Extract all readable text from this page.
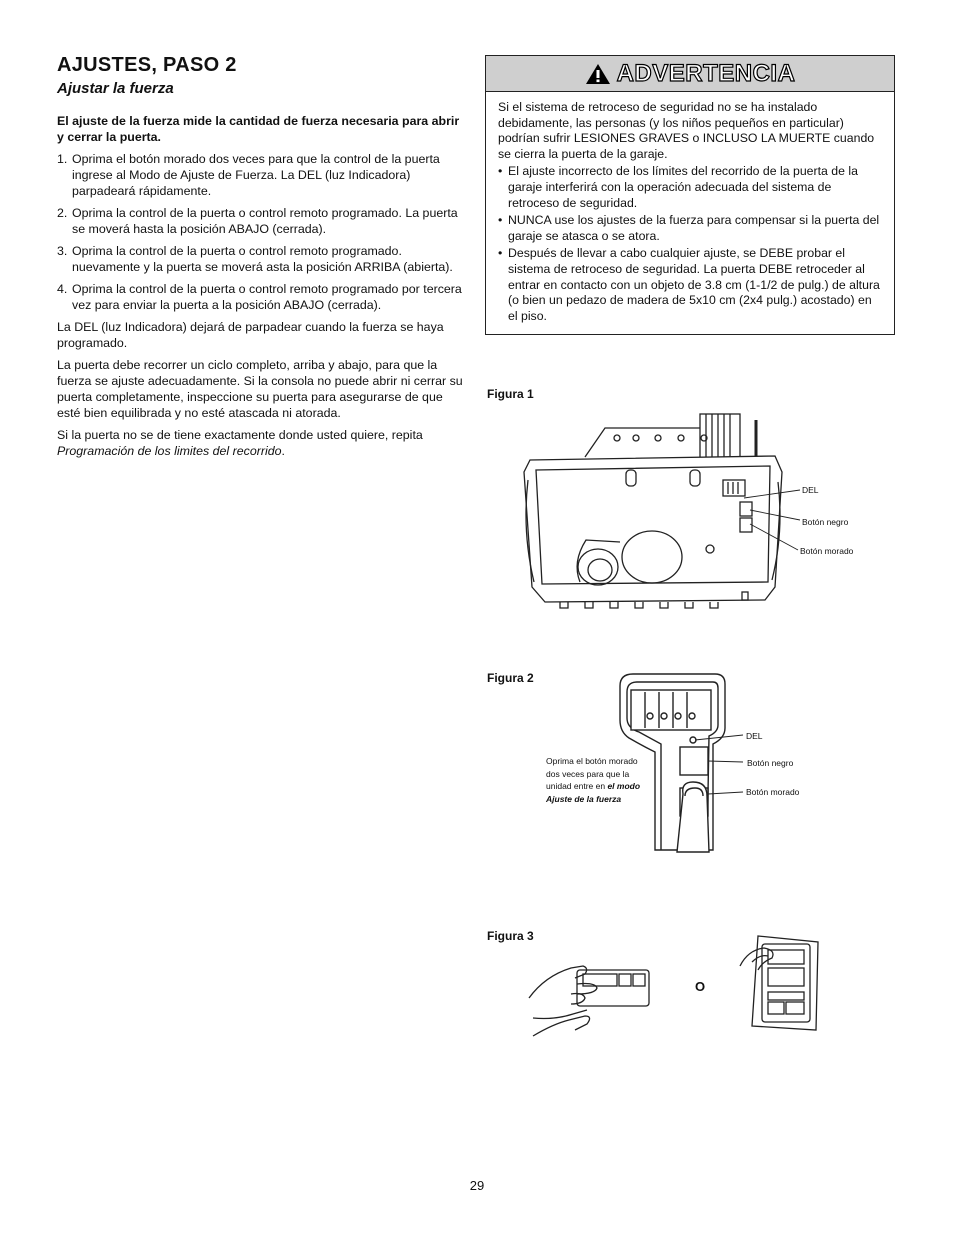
AJUSTES, PASO 2
Ajustar la fuerza

El ajuste de la fuerza mide la cantidad de fuerza necesaria para abrir y cerrar la puerta.

1. Oprima el botón morado dos veces para que la control de la puerta ingrese al Modo de Ajuste de Fuerza. La DEL (luz Indicadora) parpadeará rápidamente.
2. Oprima la control de la puerta o control remoto programado. La puerta se moverá hasta la posición ABAJO (cerrada).
3. Oprima la control de la puerta o control remoto programado. nuevamente y la puerta se moverá asta la posición ARRIBA (abierta).
4. Oprima la control de la puerta o control remoto programado por tercera vez para enviar la puerta a la posición ABAJO (cerrada).

La DEL (luz Indicadora) dejará de parpadear cuando la fuerza se haya programado.

La puerta debe recorrer un ciclo completo, arriba y abajo, para que la fuerza se ajuste adecuadamente. Si la consola no puede abrir ni cerrar su puerta completamente, inspeccione su puerta para asegurarse de que esté bien equilibrada y no esté atascada ni atorada.

Si la puerta no se de tiene exactamente donde usted quiere, repita Programación de los limites del recorrido.

ADVERTENCIA

Si el sistema de retroceso de seguridad no se ha instalado debidamente, las personas (y los niños pequeños en particular) podrían sufrir LESIONES GRAVES o INCLUSO LA MUERTE cuando se cierra la puerta de la garaje.

• El ajuste incorrecto de los límites del recorrido de la puerta de la garaje interferirá con la operación adecuada del sistema de retroceso de seguridad.
• NUNCA use los ajustes de la fuerza para compensar si la puerta del garaje se atasca o se atora.
• Después de llevar a cabo cualquier ajuste, se DEBE probar el sistema de retroceso de seguridad. La puerta DEBE retroceder al entrar en contacto con un objeto de 3.8 cm (1-1/2 de pulg.) de altura (o bien un pedazo de madera de 5x10 cm (2x4 pulg.) acostado) en el piso.
Figura 1
DEL
Botón negro
Botón morado
Figura 2
DEL
Botón negro
Botón morado
Oprima el botón morado
dos veces para que la
unidad entre en el modo
Ajuste de la fuerza
Figura 3
O
29
